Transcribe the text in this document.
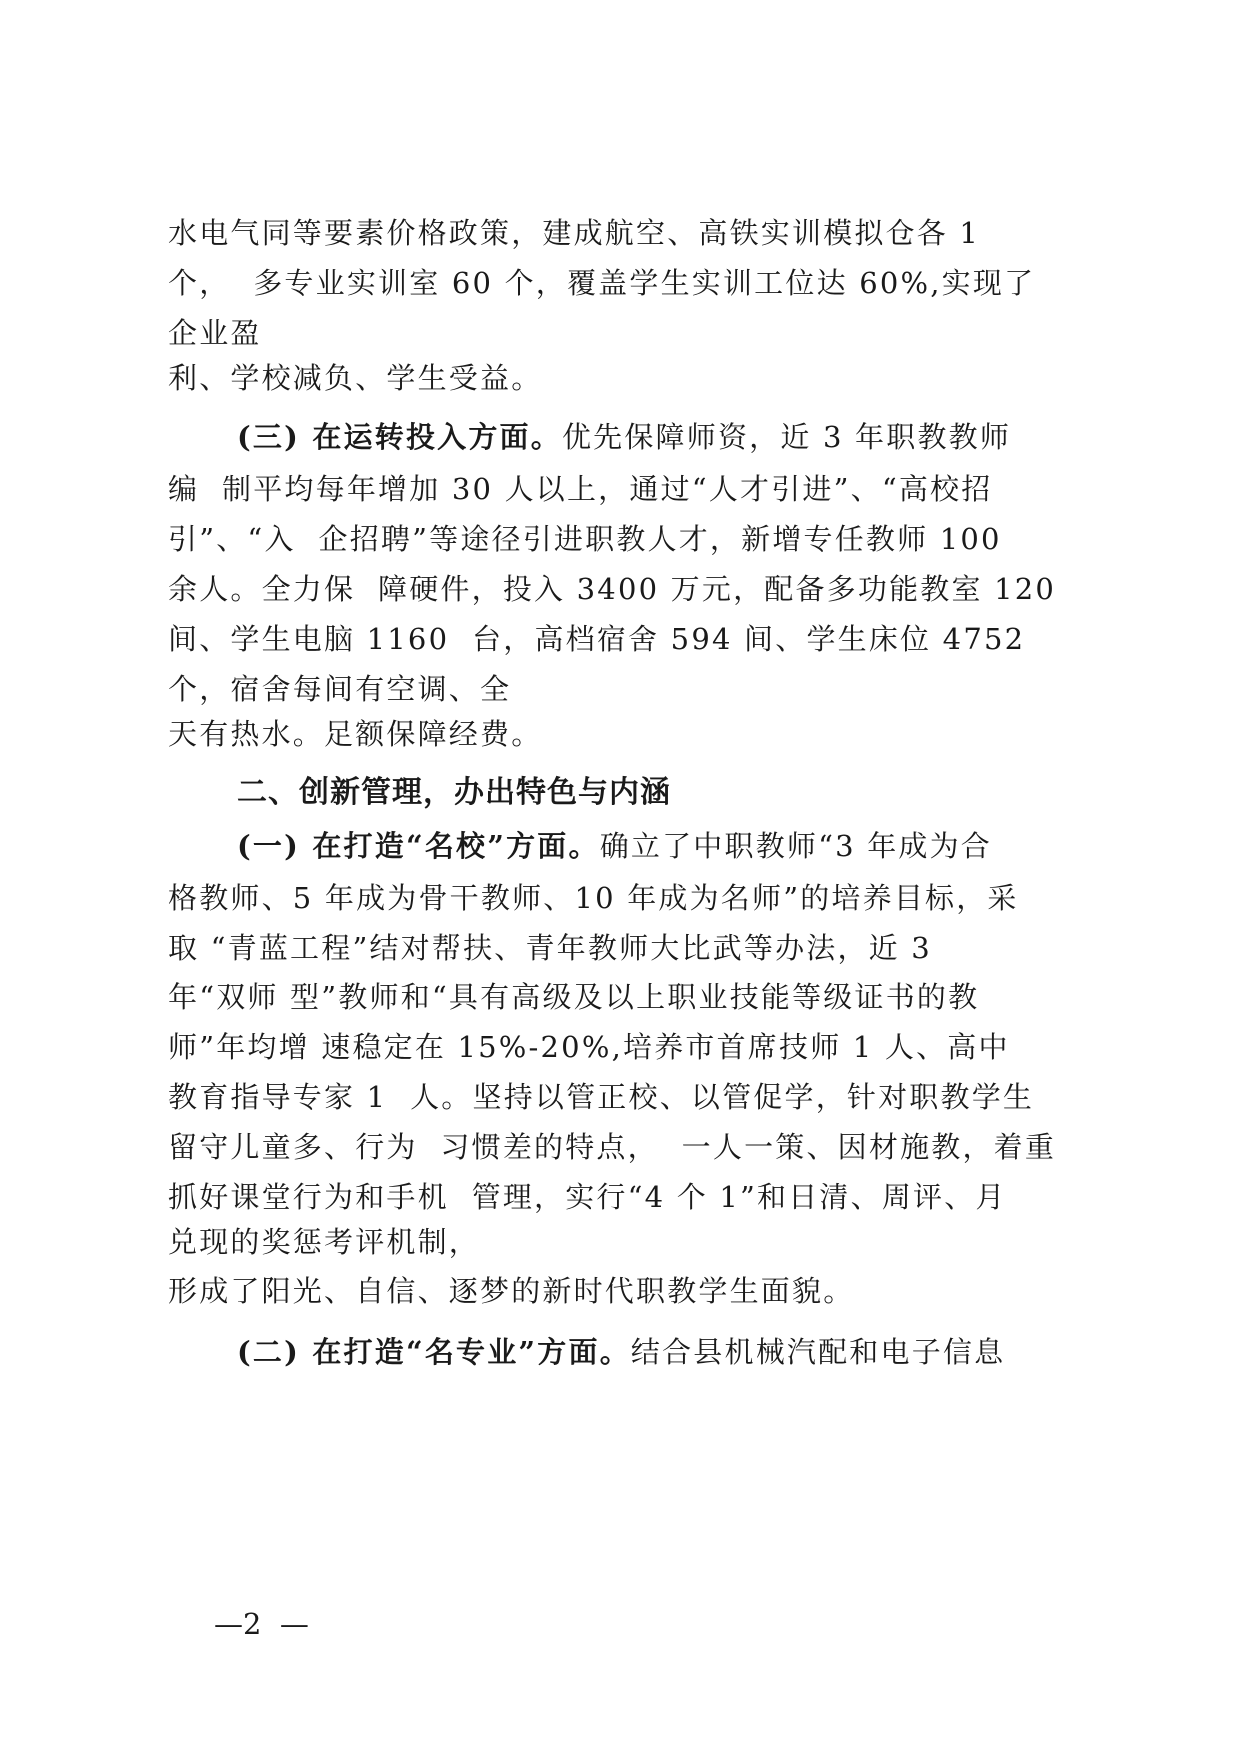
水电气同等要素价格政策，建成航空、高铁实训模拟仓各 1
个，  多专业实训室 60 个，覆盖学生实训工位达 60%,实现了
企业盈
利、学校减负、学生受益。
(三) 在运转投入方面。优先保障师资，近 3 年职教教师
编  制平均每年增加 30 人以上，通过“人才引进”、“高校招
引”、“入  企招聘”等途径引进职教人才，新增专任教师 100
余人。全力保  障硬件，投入 3400 万元，配备多功能教室 120
间、学生电脑 1160  台，高档宿舍 594 间、学生床位 4752
个，宿舍每间有空调、全
天有热水。足额保障经费。
二、创新管理，办出特色与内涵
(一) 在打造“名校”方面。确立了中职教师“3 年成为合
格教师、5 年成为骨干教师、10 年成为名师”的培养目标，采
取 “青蓝工程”结对帮扶、青年教师大比武等办法，近 3
年“双师 型”教师和“具有高级及以上职业技能等级证书的教
师”年均增 速稳定在 15%-20%,培养市首席技师 1 人、高中
教育指导专家 1  人。坚持以管正校、以管促学，针对职教学生
留守儿童多、行为  习惯差的特点，  一人一策、因材施教，着重
抓好课堂行为和手机  管理，实行“4 个 1”和日清、周评、月
兑现的奖惩考评机制，
形成了阳光、自信、逐梦的新时代职教学生面貌。
(二) 在打造“名专业”方面。结合县机械汽配和电子信息
—2  —
